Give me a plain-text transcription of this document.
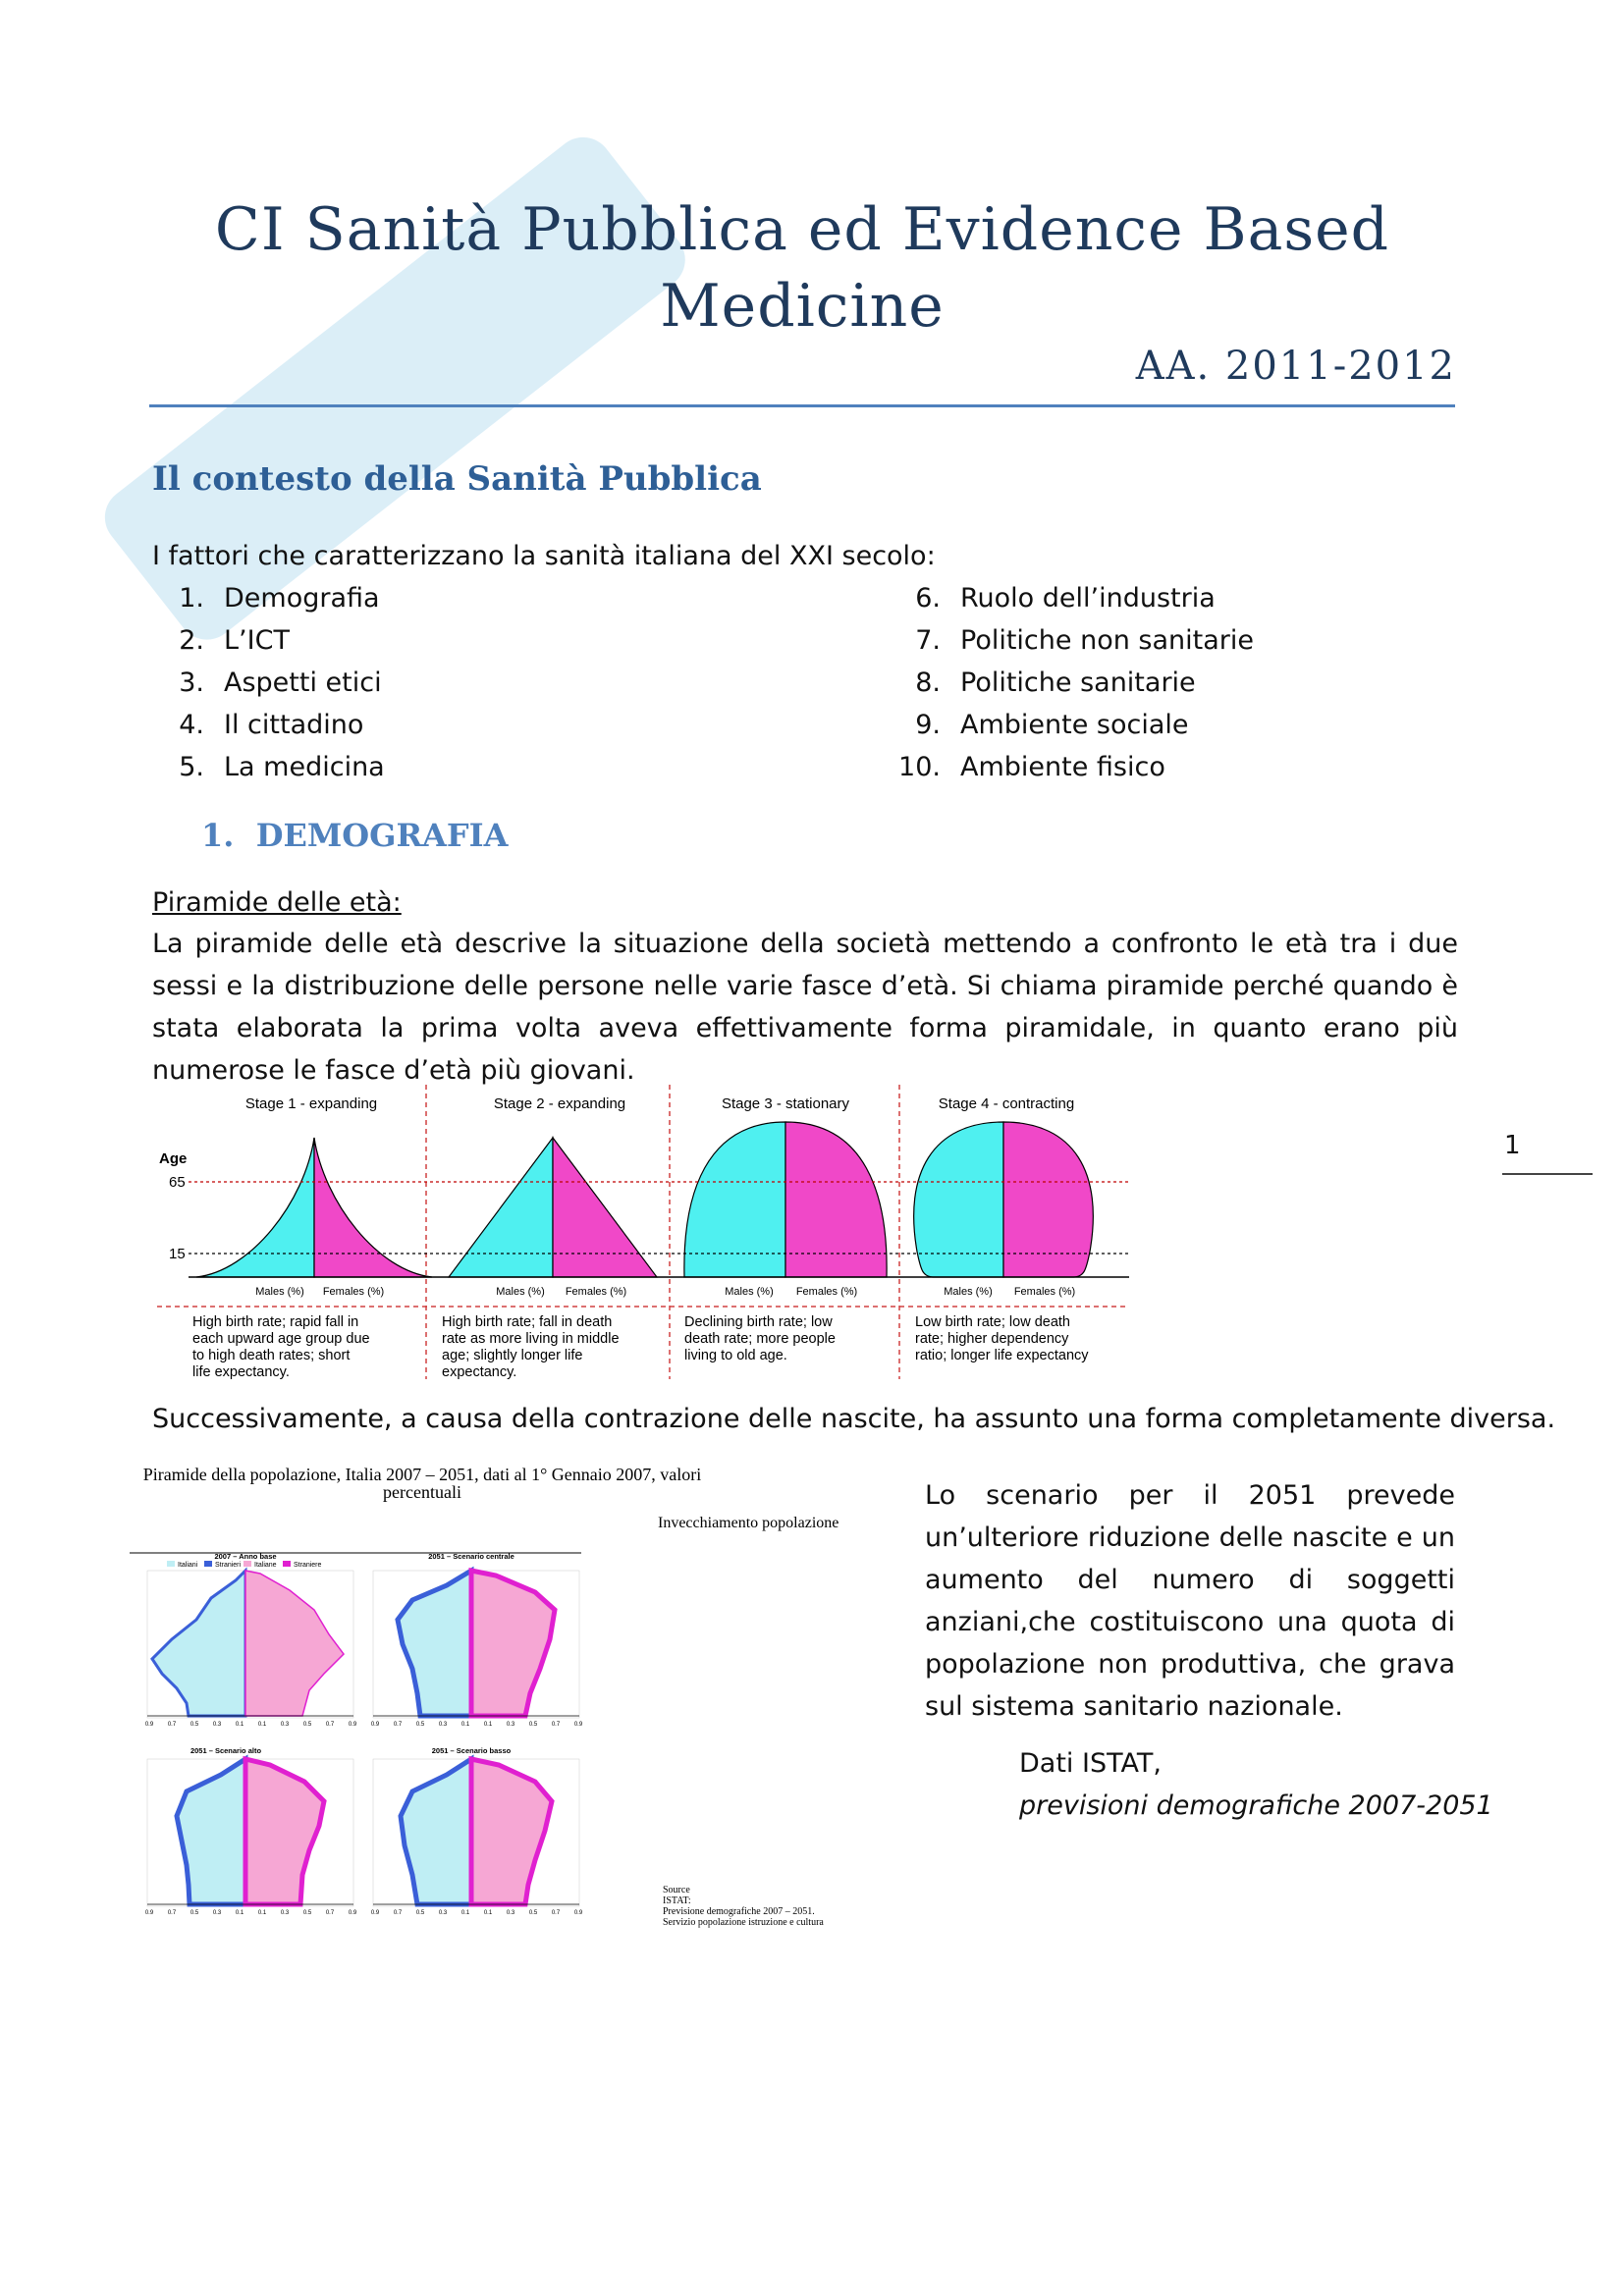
CI Sanità Pubblica ed Evidence Based
Medicine
AA. 2011-2012
Il contesto della Sanità Pubblica
I fattori che caratterizzano la sanità italiana del XXI secolo:
1. Demografia
2. L’ICT
3. Aspetti etici
4. Il cittadino
5. La medicina
6. Ruolo dell’industria
7. Politiche non sanitarie
8. Politiche sanitarie
9. Ambiente sociale
10. Ambiente fisico
1.  DEMOGRAFIA
Piramide delle età:
La piramide delle età descrive la situazione della società mettendo a confronto le età tra i due sessi e la distribuzione delle persone nelle varie fasce d’età. Si chiama piramide perché quando è stata elaborata la prima volta aveva effettivamente forma piramidale, in quanto erano più numerose le fasce d’età più giovani.
Stage 1 - expanding	Stage 2 - expanding	Stage 3 - stationary	Stage 4 - contracting
Age
65
15
Males (%) Females (%)	Males (%) Females (%)	Males (%) Females (%)	Males (%) Females (%)
High birth rate; rapid fall in
each upward age group due
to high death rates; short
life expectancy.
High birth rate; fall in death
rate as more living in middle
age; slightly longer life
expectancy.
Declining birth rate; low
death rate; more people
living to old age.
Low birth rate; low death
rate; higher dependency
ratio; longer life expectancy
Successivamente, a causa della contrazione delle nascite, ha assunto una forma completamente diversa.
Piramide della popolazione, Italia 2007 – 2051, dati al 1° Gennaio 2007, valori
percentuali
Invecchiamento popolazione
Italiani	Stranieri Italiane Straniere
2007 – Anno base	2051 – Scenario centrale
2051 – Scenario alto	2051 – Scenario basso
0.9 0.7 0.5 0.3 0.1 0.1 0.3 0.5 0.7 0.9 0.9 0.7 0.5 0.3 0.1 0.1 0.3 0.5 0.7 0.9
0.9 0.7 0.5 0.3 0.1 0.1 0.3 0.5 0.7 0.9 0.9 0.7 0.5 0.3 0.1 0.1 0.3 0.5 0.7 0.9
Source
ISTAT:
Previsione demografiche 2007 – 2051.
Servizio popolazione istruzione e cultura
Lo scenario per il 2051 prevede un’ulteriore riduzione delle nascite e un aumento del numero di soggetti anziani,che costituiscono una quota di popolazione non produttiva, che grava sul sistema sanitario nazionale.
Dati ISTAT,
previsioni demografiche 2007-2051
1
